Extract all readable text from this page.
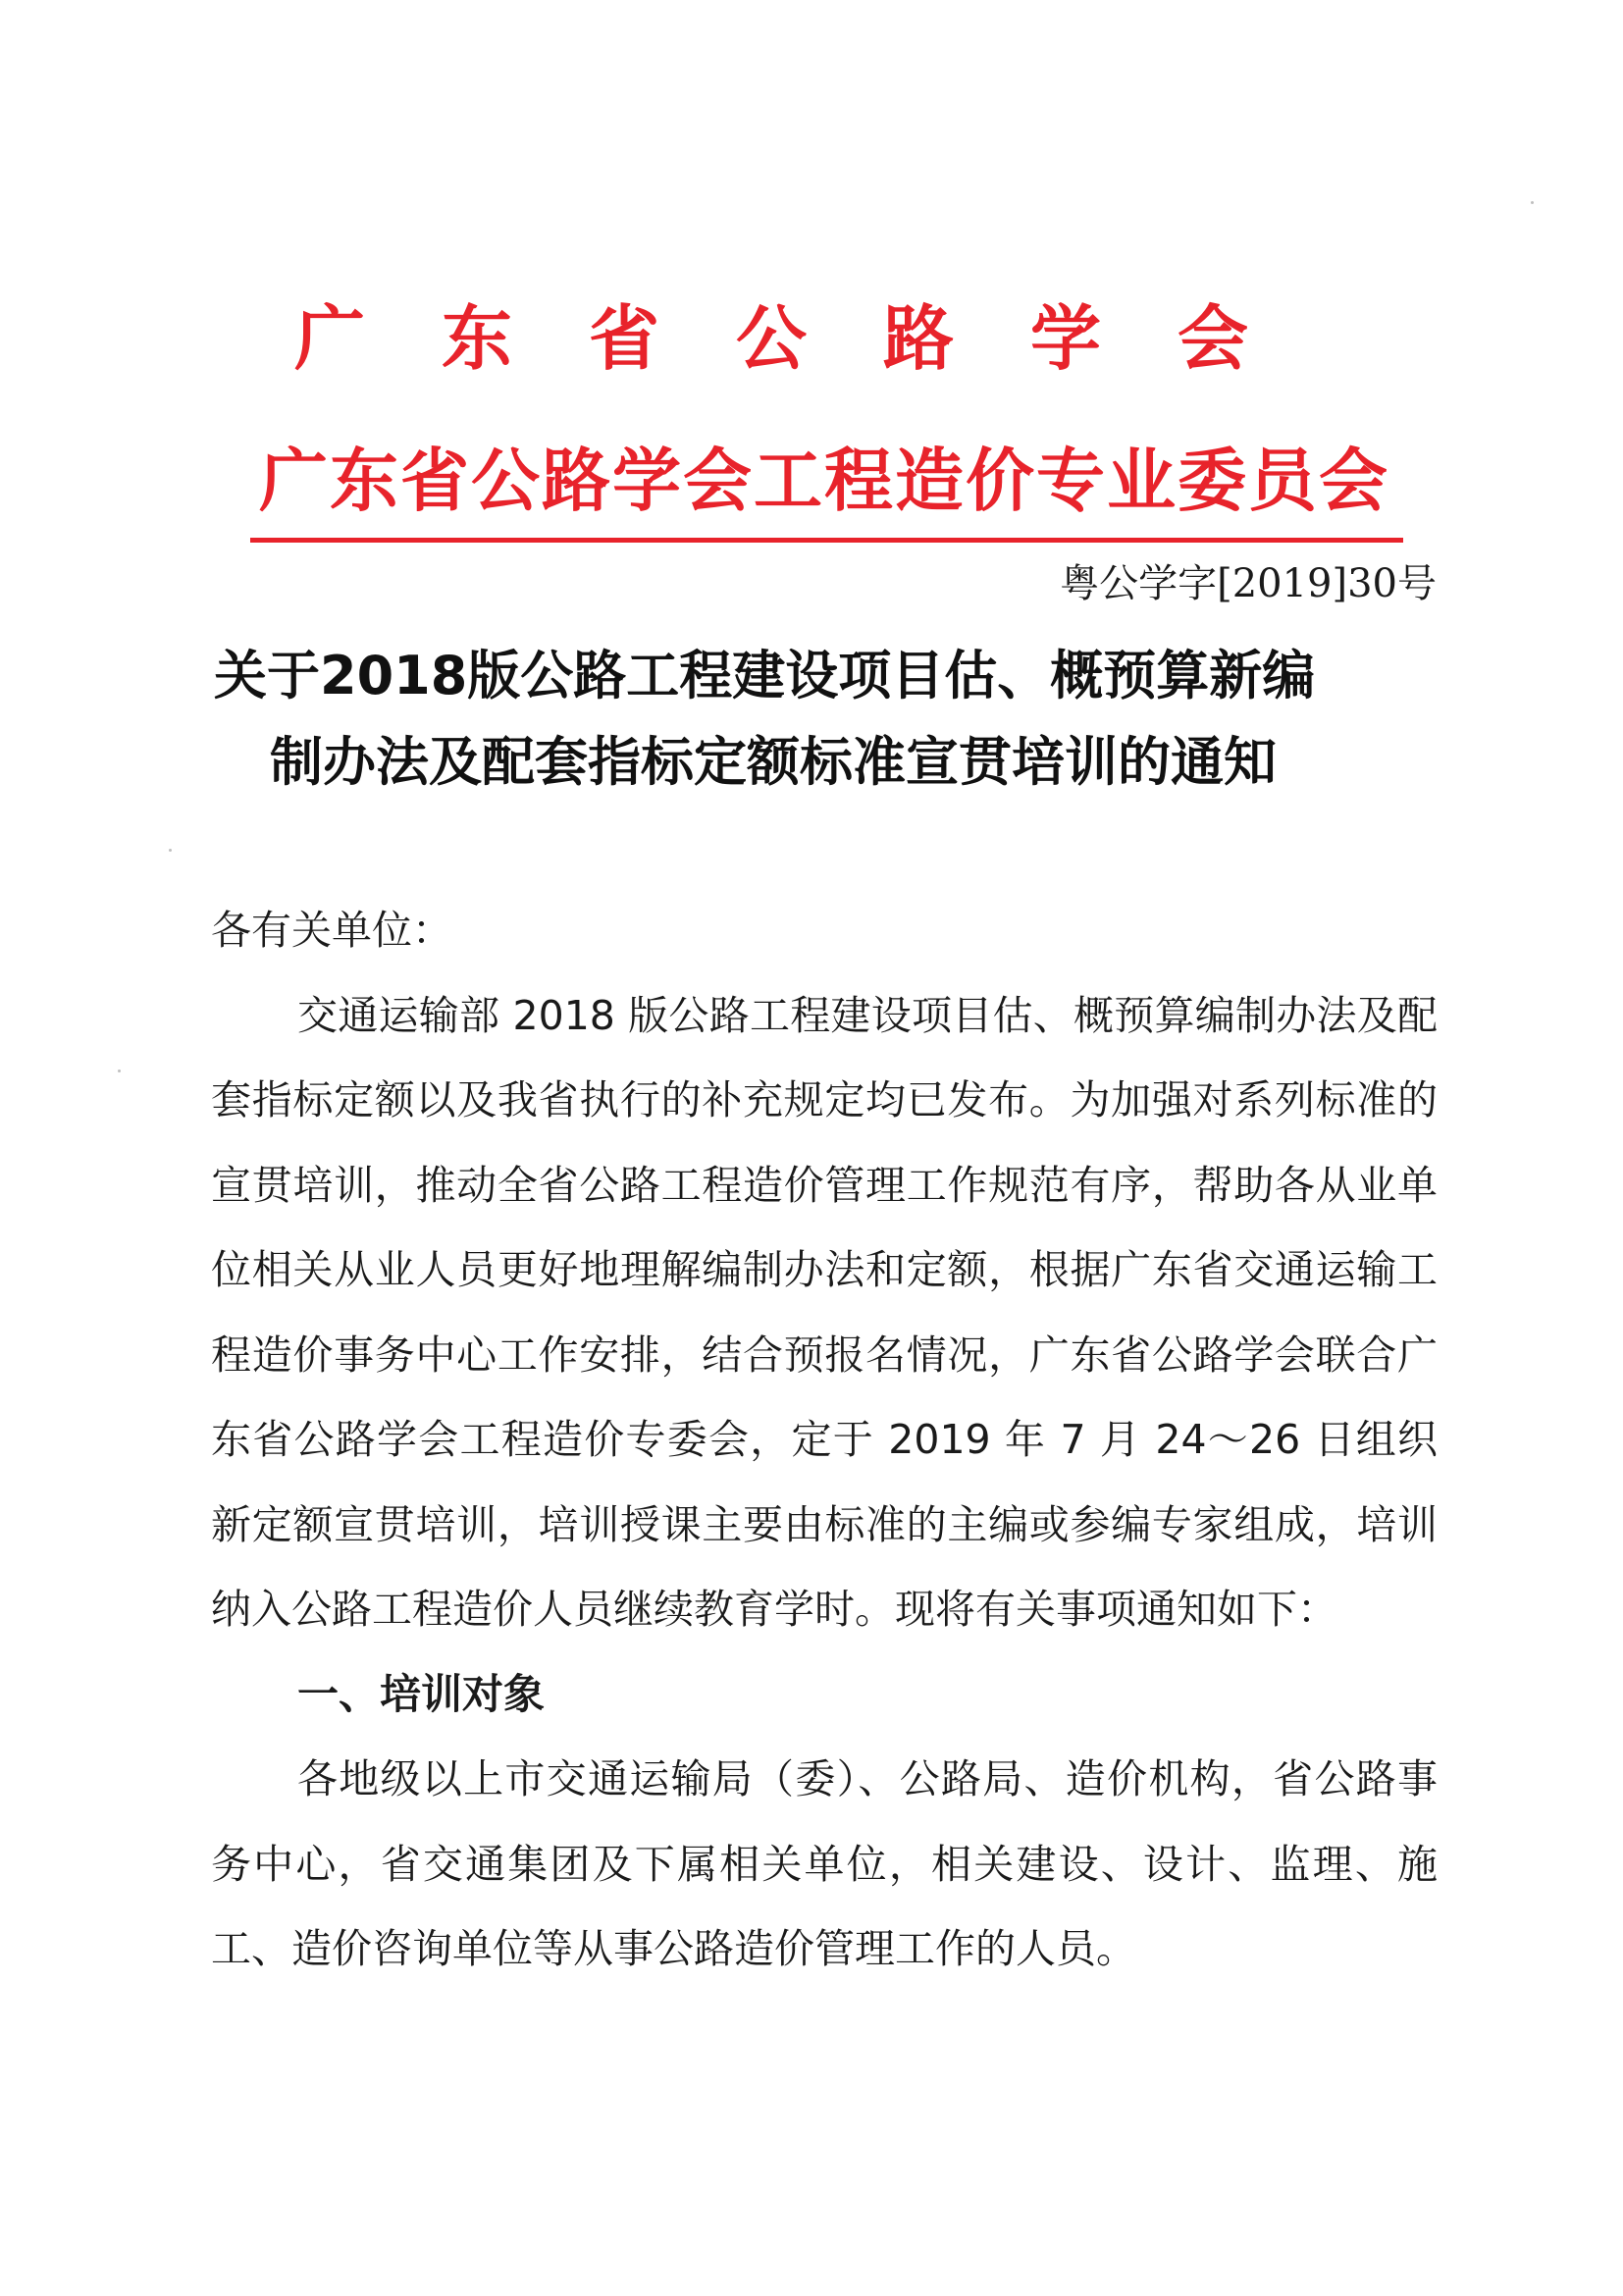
广东省公路学会
广东省公路学会工程造价专业委员会
粤公学字[2019]30号
关于2018版公路工程建设项目估、概预算新编
制办法及配套指标定额标准宣贯培训的通知

各有关单位：

交通运输部 2018 版公路工程建设项目估、概预算编制办法及配套指标定额以及我省执行的补充规定均已发布。为加强对系列标准的宣贯培训，推动全省公路工程造价管理工作规范有序，帮助各从业单位相关从业人员更好地理解编制办法和定额，根据广东省交通运输工程造价事务中心工作安排，结合预报名情况，广东省公路学会联合广东省公路学会工程造价专委会，定于 2019 年 7 月 24～26 日组织新定额宣贯培训，培训授课主要由标准的主编或参编专家组成，培训纳入公路工程造价人员继续教育学时。现将有关事项通知如下：

一、培训对象

各地级以上市交通运输局（委）、公路局、造价机构，省公路事务中心，省交通集团及下属相关单位，相关建设、设计、监理、施工、造价咨询单位等从事公路造价管理工作的人员。
